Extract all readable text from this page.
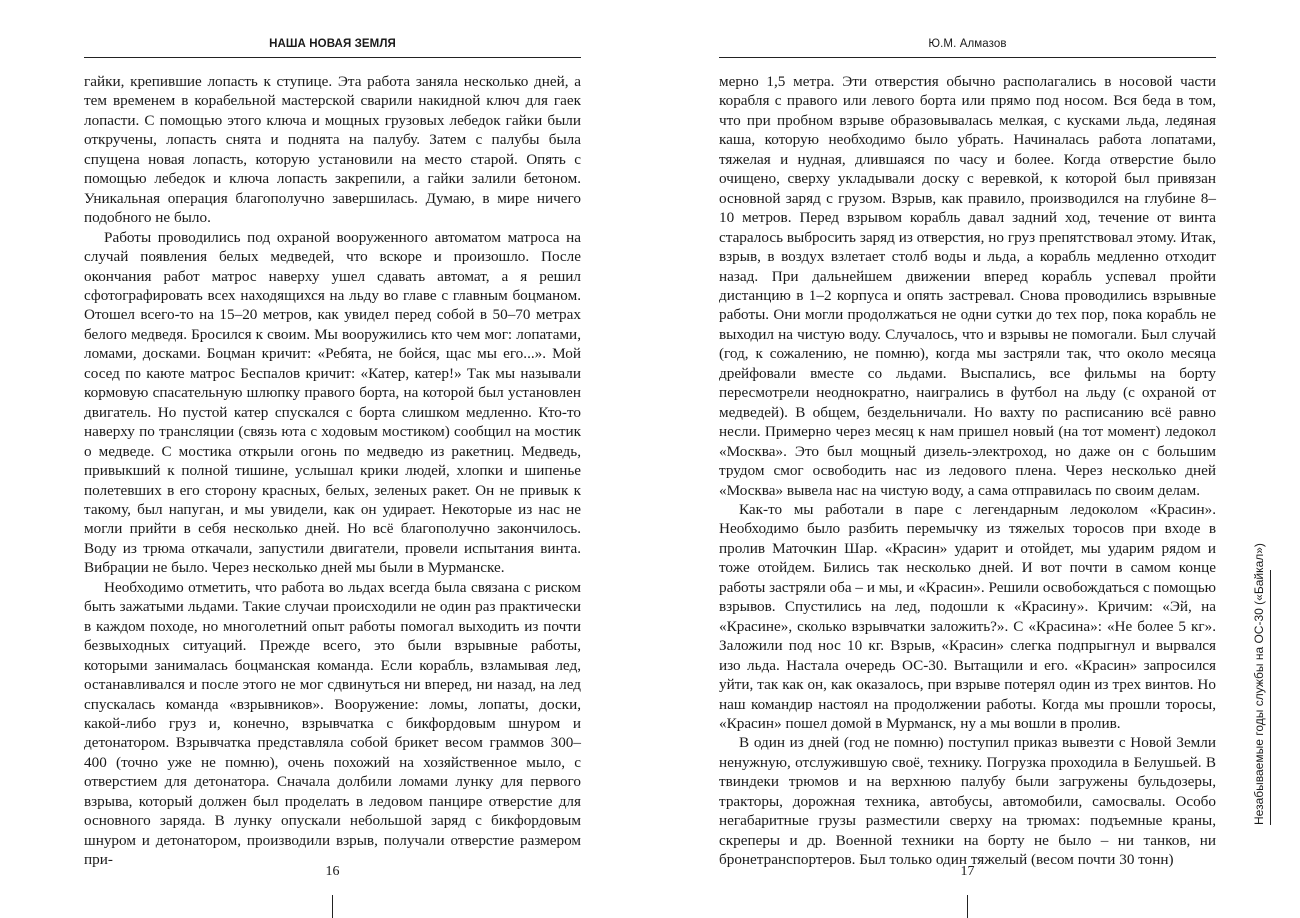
НАША НОВАЯ ЗЕМЛЯ

гайки, крепившие лопасть к ступице. Эта работа заняла несколько дней, а тем временем в корабельной мастерской сварили накидной ключ для гаек лопасти. С помощью этого ключа и мощных грузовых лебедок гайки были откручены, лопасть снята и поднята на палубу. Затем с палубы была спущена новая лопасть, которую установили на место старой. Опять с помощью лебедок и ключа лопасть закрепили, а гайки залили бетоном. Уникальная операция благополучно завершилась. Думаю, в мире ничего подобного не было.

Работы проводились под охраной вооруженного автоматом матроса на случай появления белых медведей, что вскоре и произошло. После окончания работ матрос наверху ушел сдавать автомат, а я решил сфотографировать всех находящихся на льду во главе с главным боцманом. Отошел всего-то на 15–20 метров, как увидел перед собой в 50–70 метрах белого медведя. Бросился к своим. Мы вооружились кто чем мог: лопатами, ломами, досками. Боцман кричит: «Ребята, не бойся, щас мы его...». Мой сосед по каюте матрос Беспалов кричит: «Катер, катер!» Так мы называли кормовую спасательную шлюпку правого борта, на которой был установлен двигатель. Но пустой катер спускался с борта слишком медленно. Кто-то наверху по трансляции (связь юта с ходовым мостиком) сообщил на мостик о медведе. С мостика открыли огонь по медведю из ракетниц. Медведь, привыкший к полной тишине, услышал крики людей, хлопки и шипенье полетевших в его сторону красных, белых, зеленых ракет. Он не привык к такому, был напуган, и мы увидели, как он удирает. Некоторые из нас не могли прийти в себя несколько дней. Но всё благополучно закончилось. Воду из трюма откачали, запустили двигатели, провели испытания винта. Вибрации не было. Через несколько дней мы были в Мурманске.

Необходимо отметить, что работа во льдах всегда была связана с риском быть зажатыми льдами. Такие случаи происходили не один раз практически в каждом походе, но многолетний опыт работы помогал выходить из почти безвыходных ситуаций. Прежде всего, это были взрывные работы, которыми занималась боцманская команда. Если корабль, взламывая лед, останавливался и после этого не мог сдвинуться ни вперед, ни назад, на лед спускалась команда «взрывников». Вооружение: ломы, лопаты, доски, какой-либо груз и, конечно, взрывчатка с бикфордовым шнуром и детонатором. Взрывчатка представляла собой брикет весом граммов 300–400 (точно уже не помню), очень похожий на хозяйственное мыло, с отверстием для детонатора. Сначала долбили ломами лунку для первого взрыва, который должен был проделать в ледовом панцире отверстие для основного заряда. В лунку опускали небольшой заряд с бикфордовым шнуром и детонатором, производили взрыв, получали отверстие размером при-

16
Ю.М. Алмазов

мерно 1,5 метра. Эти отверстия обычно располагались в носовой части корабля с правого или левого борта или прямо под носом. Вся беда в том, что при пробном взрыве образовывалась мелкая, с кусками льда, ледяная каша, которую необходимо было убрать. Начиналась работа лопатами, тяжелая и нудная, длившаяся по часу и более. Когда отверстие было очищено, сверху укладывали доску с веревкой, к которой был привязан основной заряд с грузом. Взрыв, как правило, производился на глубине 8–10 метров. Перед взрывом корабль давал задний ход, течение от винта старалось выбросить заряд из отверстия, но груз препятствовал этому. Итак, взрыв, в воздух взлетает столб воды и льда, а корабль медленно отходит назад. При дальнейшем движении вперед корабль успевал пройти дистанцию в 1–2 корпуса и опять застревал. Снова проводились взрывные работы. Они могли продолжаться не одни сутки до тех пор, пока корабль не выходил на чистую воду. Случалось, что и взрывы не помогали. Был случай (год, к сожалению, не помню), когда мы застряли так, что около месяца дрейфовали вместе со льдами. Выспались, все фильмы на борту пересмотрели неоднократно, наигрались в футбол на льду (с охраной от медведей). В общем, бездельничали. Но вахту по расписанию всё равно несли. Примерно через месяц к нам пришел новый (на тот момент) ледокол «Москва». Это был мощный дизель-электроход, но даже он с большим трудом смог освободить нас из ледового плена. Через несколько дней «Москва» вывела нас на чистую воду, а сама отправилась по своим делам.

Как-то мы работали в паре с легендарным ледоколом «Красин». Необходимо было разбить перемычку из тяжелых торосов при входе в пролив Маточкин Шар. «Красин» ударит и отойдет, мы ударим рядом и тоже отойдем. Бились так несколько дней. И вот почти в самом конце работы застряли оба – и мы, и «Красин». Решили освобождаться с помощью взрывов. Спустились на лед, подошли к «Красину». Кричим: «Эй, на «Красине», сколько взрывчатки заложить?». С «Красина»: «Не более 5 кг». Заложили под нос 10 кг. Взрыв, «Красин» слегка подпрыгнул и вырвался изо льда. Настала очередь ОС-30. Вытащили и его. «Красин» запросился уйти, так как он, как оказалось, при взрыве потерял один из трех винтов. Но наш командир настоял на продолжении работы. Когда мы прошли торосы, «Красин» пошел домой в Мурманск, ну а мы вошли в пролив.

В один из дней (год не помню) поступил приказ вывезти с Новой Земли ненужную, отслужившую своё, технику. Погрузка проходила в Белушьей. В твиндеки трюмов и на верхнюю палубу были загружены бульдозеры, тракторы, дорожная техника, автобусы, автомобили, самосвалы. Особо негабаритные грузы разместили сверху на трюмах: подъемные краны, скреперы и др. Военной техники на борту не было – ни танков, ни бронетранспортеров. Был только один тяжелый (весом почти 30 тонн)

17
Незабываемые годы службы на ОС-30 («Байкал»)
